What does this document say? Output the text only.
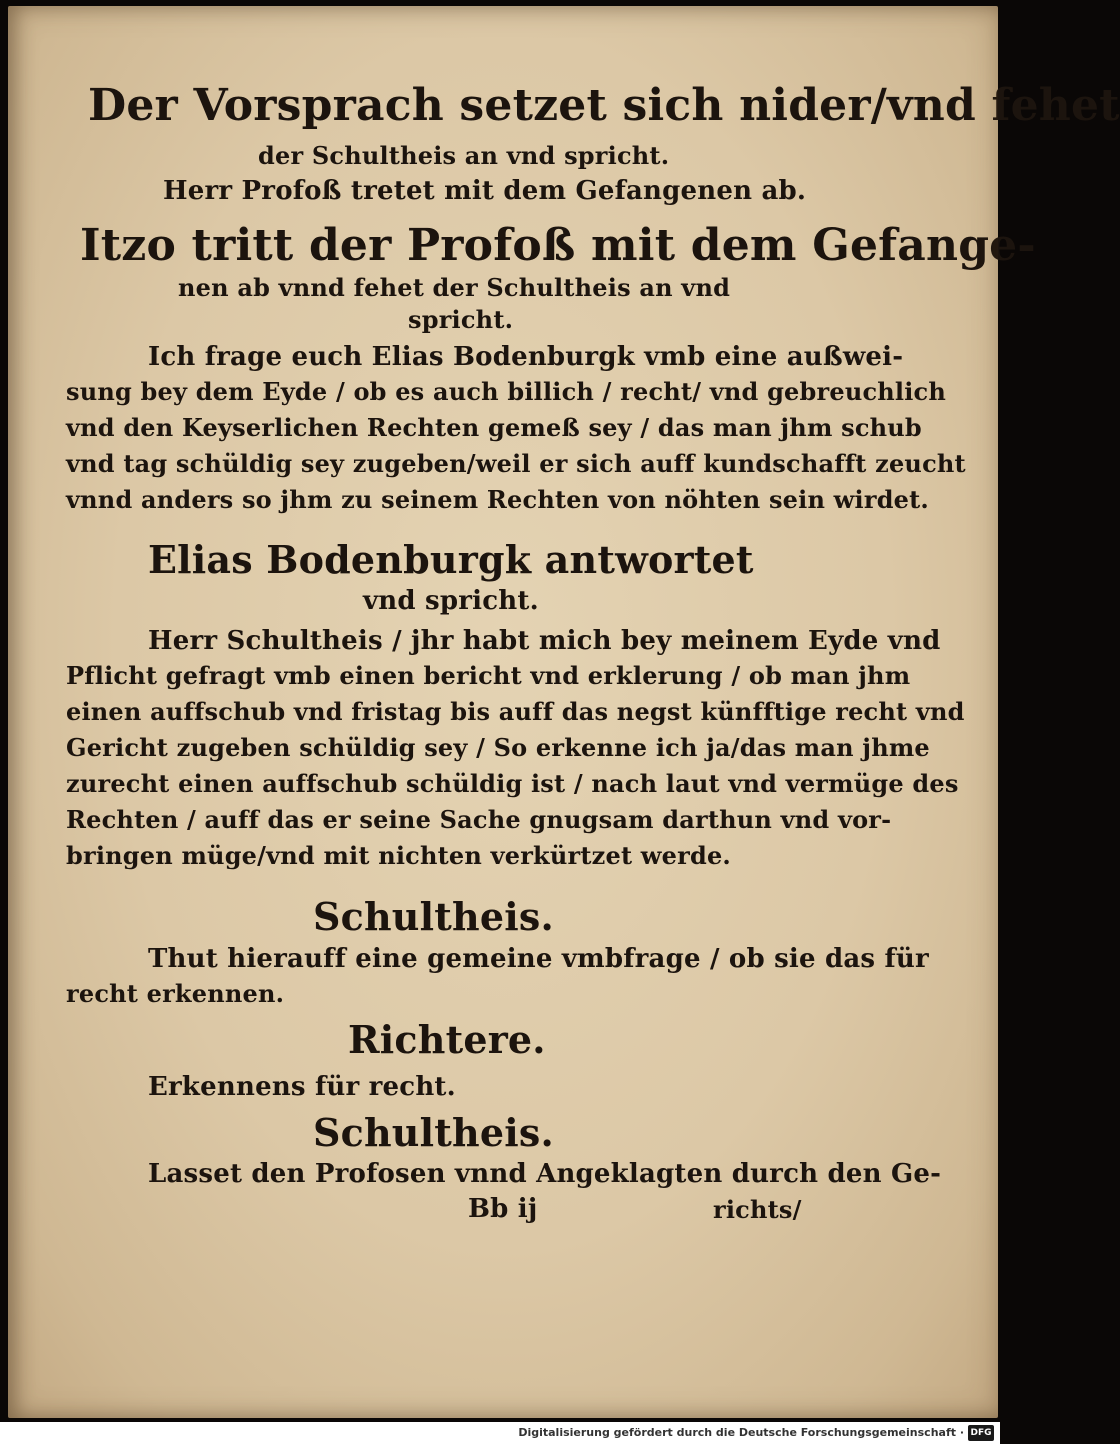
Der Vorsprach setzet sich nider/vnd fehet
der Schultheis an vnd spricht.
Herr Profoß tretet mit dem Gefangenen ab.
Itzo tritt der Profoß mit dem Gefange-
nen ab vnnd fehet der Schultheis an vnd
spricht.
Ich frage euch Elias Bodenburgk vmb eine außwei-
sung bey dem Eyde / ob es auch billich / recht/ vnd gebreuchlich
vnd den Keyserlichen Rechten gemeß sey / das man jhm schub
vnd tag schüldig sey zugeben/weil er sich auff kundschafft zeucht
vnnd anders so jhm zu seinem Rechten von nöhten sein wirdet.
Elias Bodenburgk antwortet
vnd spricht.
Herr Schultheis / jhr habt mich bey meinem Eyde vnd
Pflicht gefragt vmb einen bericht vnd erklerung / ob man jhm
einen auffschub vnd fristag bis auff das negst künfftige recht vnd
Gericht zugeben schüldig sey / So erkenne ich ja/das man jhme
zurecht einen auffschub schüldig ist / nach laut vnd vermüge des
Rechten / auff das er seine Sache gnugsam darthun vnd vor-
bringen müge/vnd mit nichten verkürtzet werde.
Schultheis.
Thut hierauff eine gemeine vmbfrage / ob sie das für
recht erkennen.
Richtere.
Erkennens für recht.
Schultheis.
Lasset den Profosen vnnd Angeklagten durch den Ge-
Bb ij	richts/
Digitalisierung gefördert durch die Deutsche Forschungsgemeinschaft · DFG
